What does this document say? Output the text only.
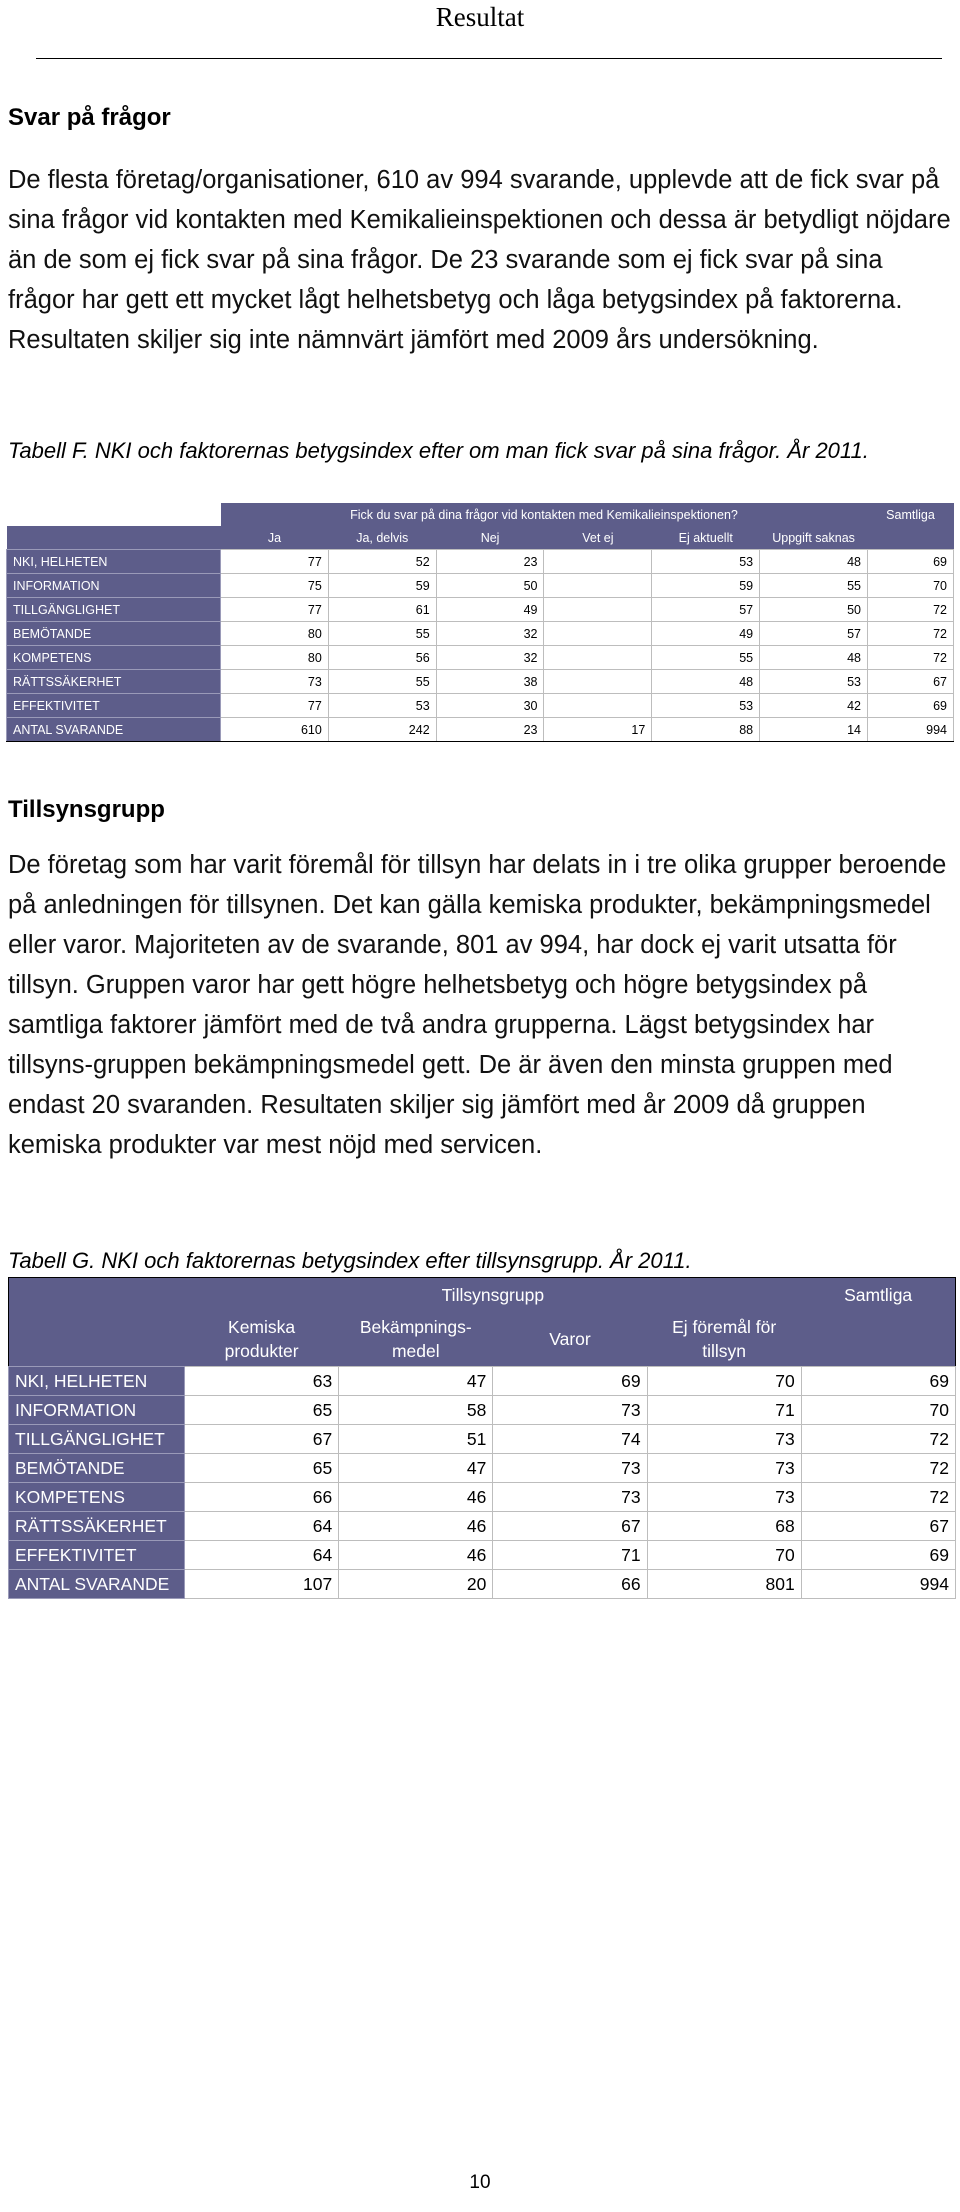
Resultat
Svar på frågor
De flesta företag/organisationer, 610 av 994 svarande, upplevde att de fick svar på sina frågor vid kontakten med Kemikalieinspektionen och dessa är betydligt nöjdare än de som ej fick svar på sina frågor. De 23 svarande som ej fick svar på sina frågor har gett ett mycket lågt helhetsbetyg och låga betygsindex på faktorerna. Resultaten skiljer sig inte nämnvärt jämfört med 2009 års undersökning.
Tabell F. NKI och faktorernas betygsindex efter om man fick svar på sina frågor. År 2011.
	Fick du svar på dina frågor vid kontakten med Kemikalieinspektionen?						Samtliga
	Ja	Ja, delvis	Nej	Vet ej	Ej aktuellt	Uppgift saknas	
NKI, HELHETEN	77	52	23		53	48	69
INFORMATION	75	59	50		59	55	70
TILLGÄNGLIGHET	77	61	49		57	50	72
BEMÖTANDE	80	55	32		49	57	72
KOMPETENS	80	56	32		55	48	72
RÄTTSSÄKERHET	73	55	38		48	53	67
EFFEKTIVITET	77	53	30		53	42	69
ANTAL SVARANDE	610	242	23	17	88	14	994
Tillsynsgrupp
De företag som har varit föremål för tillsyn har delats in i tre olika grupper beroende på anledningen för tillsynen. Det kan gälla kemiska produkter, bekämpningsmedel eller varor. Majoriteten av de svarande, 801 av 994, har dock ej varit utsatta för tillsyn. Gruppen varor har gett högre helhetsbetyg och högre betygsindex på samtliga faktorer jämfört med de två andra grupperna. Lägst betygsindex har tillsyns-gruppen bekämpningsmedel gett. De är även den minsta gruppen med endast 20 svaranden. Resultaten skiljer sig jämfört med år 2009 då gruppen kemiska produkter var mest nöjd med servicen.
Tabell G. NKI och faktorernas betygsindex efter tillsynsgrupp. År 2011.
	Tillsynsgrupp				Samtliga
	Kemiska produkter	Bekämpnings-medel	Varor	Ej föremål för tillsyn	
NKI, HELHETEN	63	47	69	70	69
INFORMATION	65	58	73	71	70
TILLGÄNGLIGHET	67	51	74	73	72
BEMÖTANDE	65	47	73	73	72
KOMPETENS	66	46	73	73	72
RÄTTSSÄKERHET	64	46	67	68	67
EFFEKTIVITET	64	46	71	70	69
ANTAL SVARANDE	107	20	66	801	994
10
